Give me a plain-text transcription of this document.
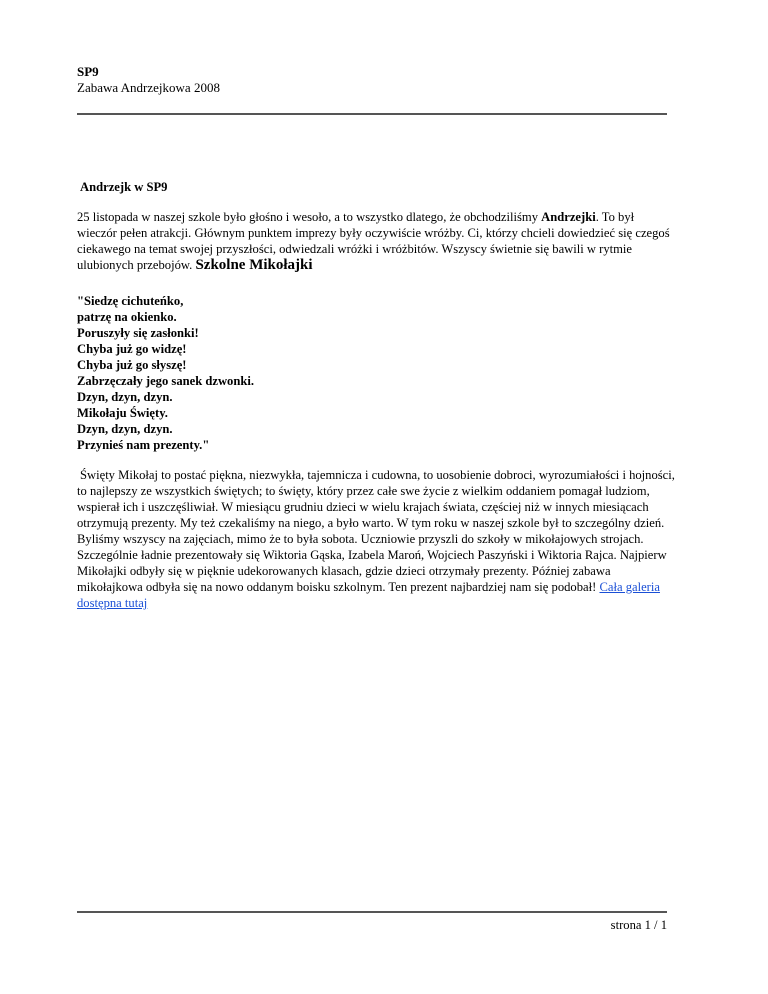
SP9
Zabawa Andrzejkowa 2008
Andrzejk w SP9

25 listopada w naszej szkole było głośno i wesoło, a to wszystko dlatego, że obchodziliśmy Andrzejki. To był wieczór pełen atrakcji. Głównym punktem imprezy były oczywiście wróżby. Ci, którzy chcieli dowiedzieć się czegoś ciekawego na temat swojej przyszłości, odwiedzali wróżki i wróżbitów. Wszyscy świetnie się bawili w rytmie ulubionych przebojów. Szkolne Mikołajki

"Siedzę cichuteńko,
patrzę na okienko.
Poruszyły się zasłonki!
Chyba już go widzę!
Chyba już go słyszę!
Zabrzęczały jego sanek dzwonki.
Dzyn, dzyn, dzyn.
Mikołaju Święty.
Dzyn, dzyn, dzyn.
Przynieś nam prezenty."

Święty Mikołaj to postać piękna, niezwykła, tajemnicza i cudowna, to uosobienie dobroci, wyrozumiałości i hojności, to najlepszy ze wszystkich świętych; to święty, który przez całe swe życie z wielkim oddaniem pomagał ludziom, wspierał ich i uszczęśliwiał. W miesiącu grudniu dzieci w wielu krajach świata, częściej niż w innych miesiącach otrzymują prezenty. My też czekaliśmy na niego, a było warto. W tym roku w naszej szkole był to szczególny dzień. Byliśmy wszyscy na zajęciach, mimo że to była sobota. Uczniowie przyszli do szkoły w mikołajowych strojach. Szczególnie ładnie prezentowały się Wiktoria Gąska, Izabela Maroń, Wojciech Paszyński i Wiktoria Rajca. Najpierw Mikołajki odbyły się w pięknie udekorowanych klasach, gdzie dzieci otrzymały prezenty. Później zabawa mikołajkowa odbyła się na nowo oddanym boisku szkolnym. Ten prezent najbardziej nam się podobał! Cała galeria dostępna tutaj

strona 1 / 1
